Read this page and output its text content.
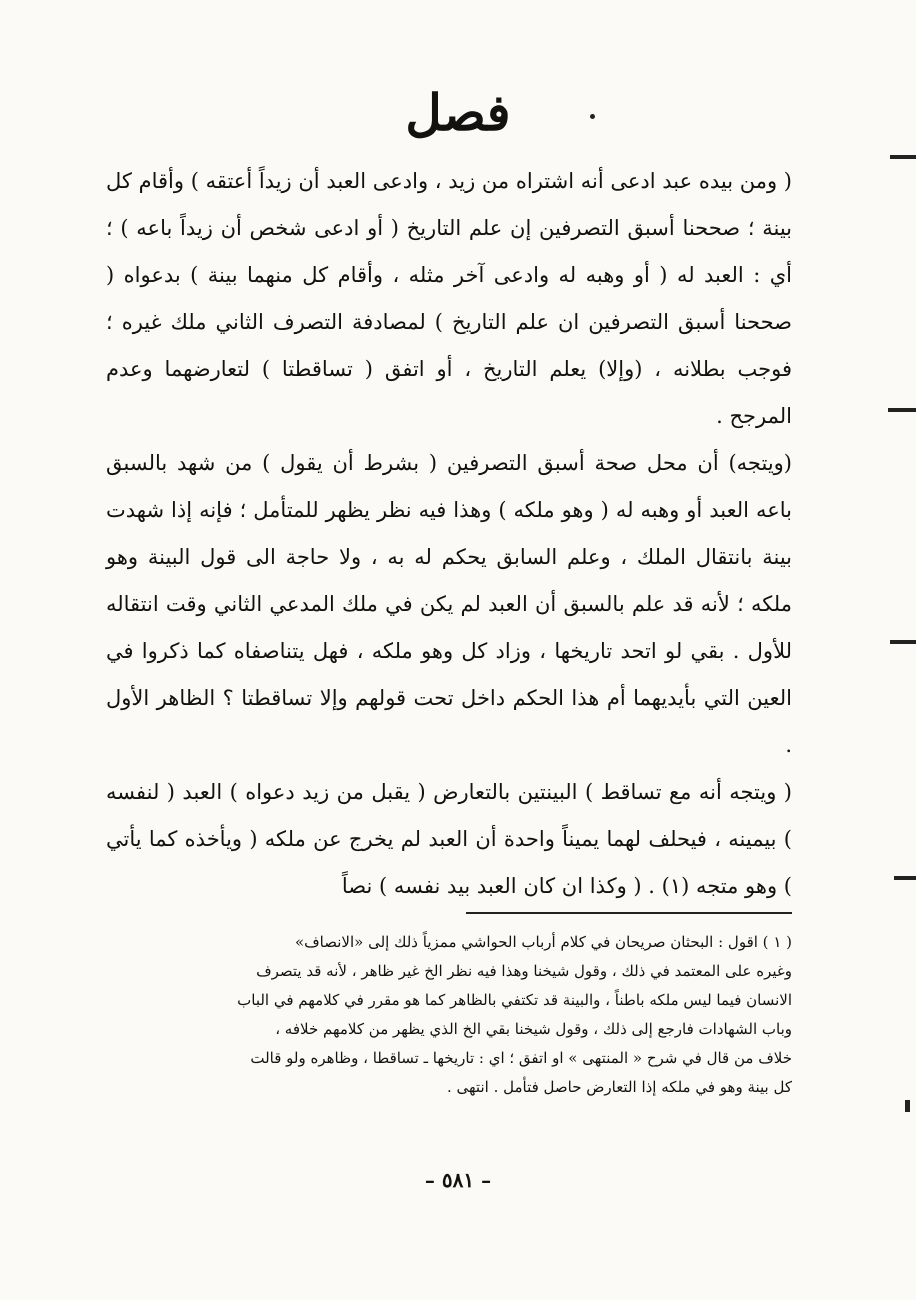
فصل

( ومن بيده عبد ادعى أنه اشتراه من زيد ، وادعى العبد أن زيداً أعتقه ) وأقام كل بينة ؛ صححنا أسبق التصرفين إن علم التاريخ ( أو ادعى شخص أن زيداً باعه ) ؛ أي : العبد له ( أو وهبه له وادعى آخر مثله ، وأقام كل منهما بينة ) بدعواه ( صححنا أسبق التصرفين ان علم التاريخ ) لمصادفة التصرف الثاني ملك غيره ؛ فوجب بطلانه ، (وإلا) يعلم التاريخ ، أو اتفق ( تساقطتا ) لتعارضهما وعدم المرجح .

(ويتجه) أن محل صحة أسبق التصرفين ( بشرط أن يقول ) من شهد بالسبق باعه العبد أو وهبه له ( وهو ملكه ) وهذا فيه نظر يظهر للمتأمل ؛ فإنه إذا شهدت بينة بانتقال الملك ، وعلم السابق يحكم له به ، ولا حاجة الى قول البينة وهو ملكه ؛ لأنه قد علم بالسبق أن العبد لم يكن في ملك المدعي الثاني وقت انتقاله للأول . بقي لو اتحد تاريخها ، وزاد كل وهو ملكه ، فهل يتناصفاه كما ذكروا في العين التي بأيديهما أم هذا الحكم داخل تحت قولهم وإلا تساقطتا ؟ الظاهر الأول .

( ويتجه أنه مع تساقط ) البينتين بالتعارض ( يقبل من زيد دعواه ) العبد ( لنفسه ) بيمينه ، فيحلف لهما يميناً واحدة أن العبد لم يخرج عن ملكه ( ويأخذه كما يأتي ) وهو متجه (١) . ( وكذا ان كان العبد بيد نفسه ) نصاً

( ١ ) اقول : البحثان صريحان في كلام أرباب الحواشي ممزياً ذلك إلى «الانصاف»

وغيره على المعتمد في ذلك ، وقول شيخنا وهذا فيه نظر الخ غير ظاهر ، لأنه قد يتصرف

الانسان فيما ليس ملكه باطناً ، والبينة قد تكتفي بالظاهر كما هو مقرر في كلامهم في الباب

وباب الشهادات فارجع إلى ذلك ، وقول شيخنا بقي الخ الذي يظهر من كلامهم خلافه ،

خلاف من قال في شرح « المنتهى » او اتفق ؛ اي : تاريخها ـ تساقطا ، وظاهره ولو قالت

كل بينة وهو في ملكه إذا التعارض حاصل فتأمل . انتهى .

– ٥٨١ –
